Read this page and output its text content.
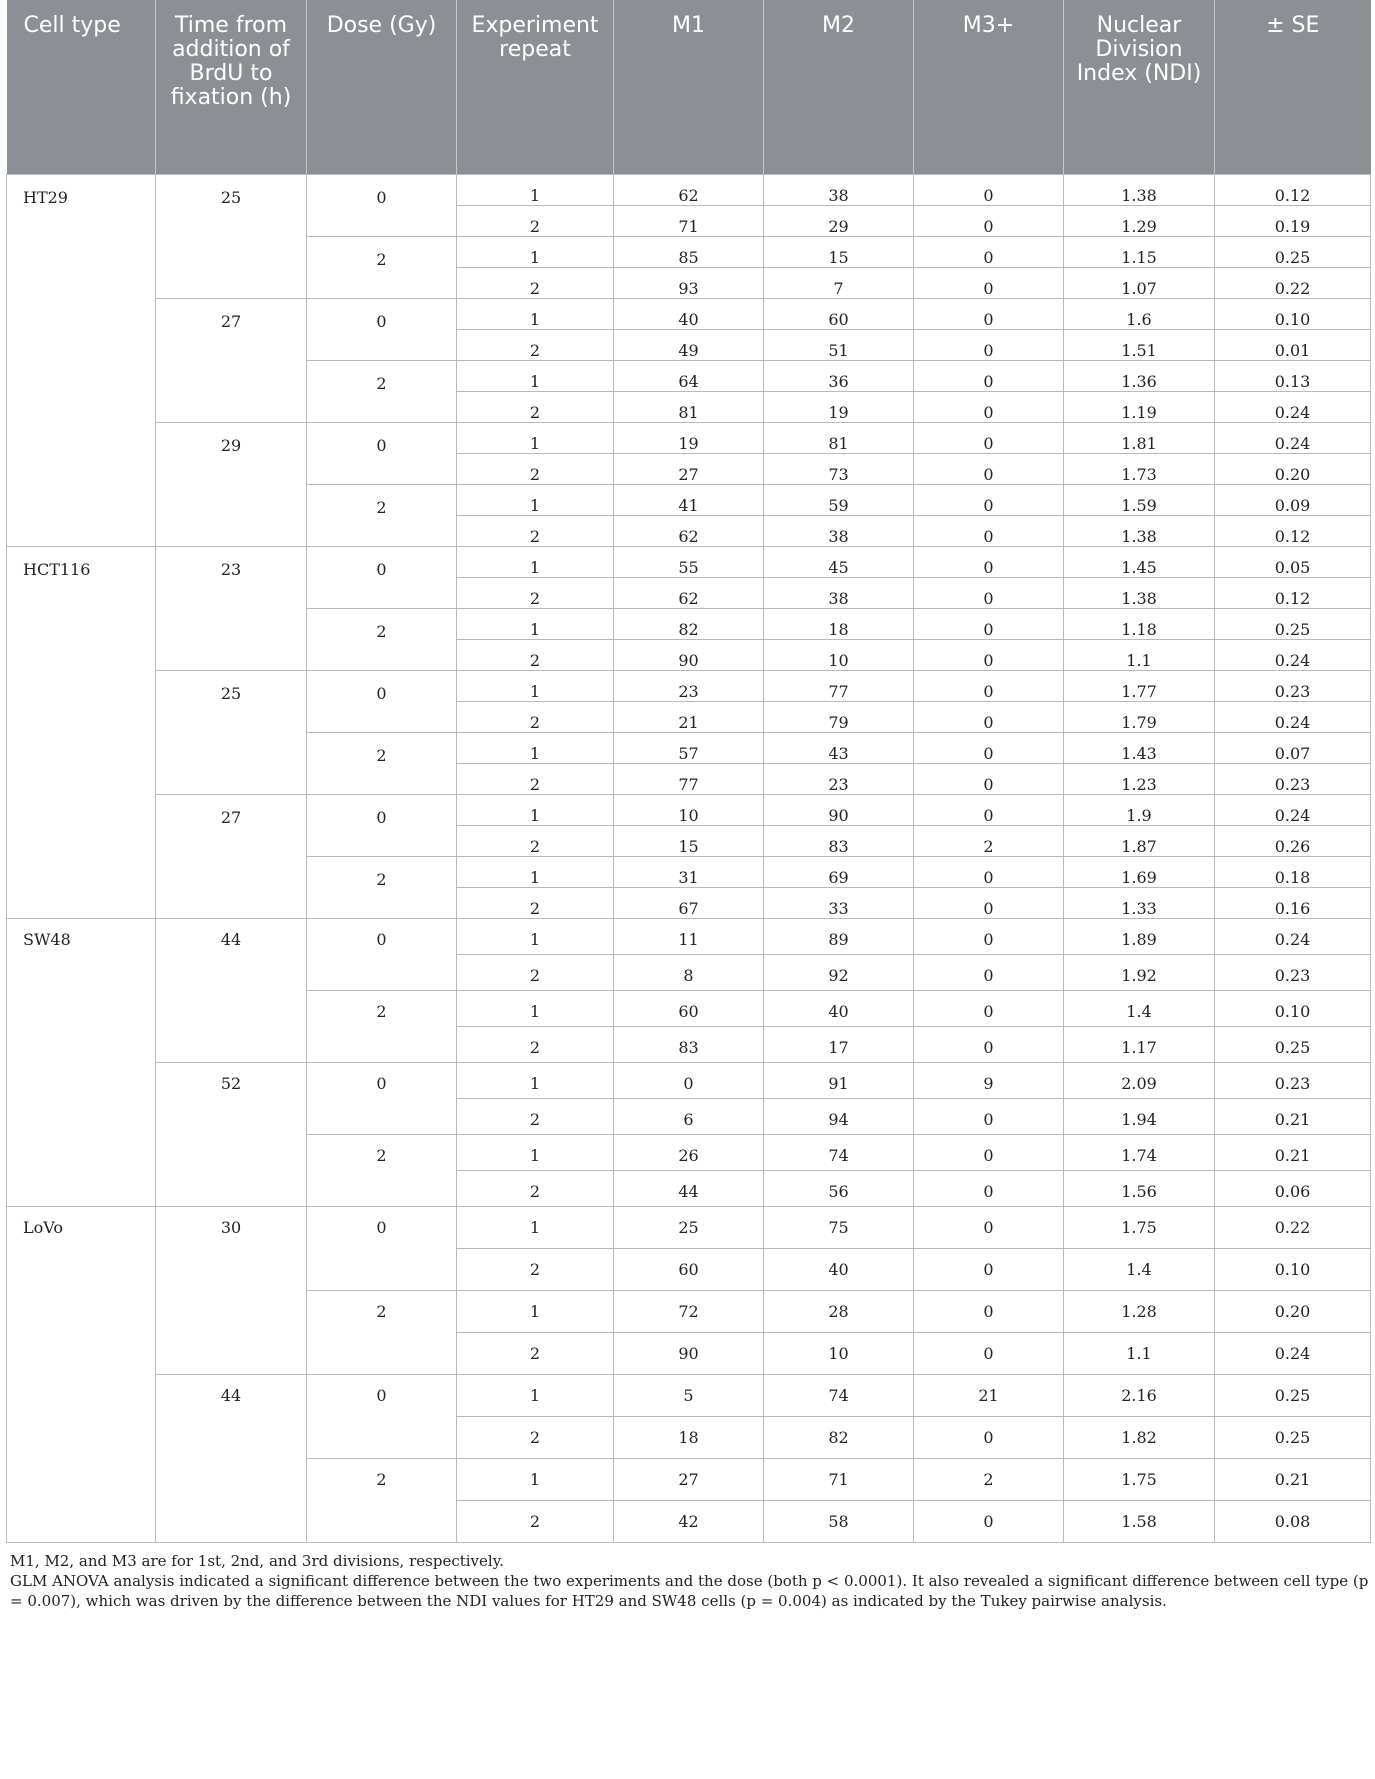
Cell type	Time from addition of BrdU to fixation (h)	Dose (Gy)	Experiment repeat	M1	M2	M3+	Nuclear Division Index (NDI)	± SE
HT29	25	0	1	62	38	0	1.38	0.12
			2	71	29	0	1.29	0.19
		2	1	85	15	0	1.15	0.25
			2	93	7	0	1.07	0.22
	27	0	1	40	60	0	1.6	0.10
			2	49	51	0	1.51	0.01
		2	1	64	36	0	1.36	0.13
			2	81	19	0	1.19	0.24
	29	0	1	19	81	0	1.81	0.24
			2	27	73	0	1.73	0.20
		2	1	41	59	0	1.59	0.09
			2	62	38	0	1.38	0.12
HCT116	23	0	1	55	45	0	1.45	0.05
			2	62	38	0	1.38	0.12
		2	1	82	18	0	1.18	0.25
			2	90	10	0	1.1	0.24
	25	0	1	23	77	0	1.77	0.23
			2	21	79	0	1.79	0.24
		2	1	57	43	0	1.43	0.07
			2	77	23	0	1.23	0.23
	27	0	1	10	90	0	1.9	0.24
			2	15	83	2	1.87	0.26
		2	1	31	69	0	1.69	0.18
			2	67	33	0	1.33	0.16
SW48	44	0	1	11	89	0	1.89	0.24
			2	8	92	0	1.92	0.23
		2	1	60	40	0	1.4	0.10
			2	83	17	0	1.17	0.25
	52	0	1	0	91	9	2.09	0.23
			2	6	94	0	1.94	0.21
		2	1	26	74	0	1.74	0.21
			2	44	56	0	1.56	0.06
LoVo	30	0	1	25	75	0	1.75	0.22
			2	60	40	0	1.4	0.10
		2	1	72	28	0	1.28	0.20
			2	90	10	0	1.1	0.24
	44	0	1	5	74	21	2.16	0.25
			2	18	82	0	1.82	0.25
		2	1	27	71	2	1.75	0.21
			2	42	58	0	1.58	0.08

M1, M2, and M3 are for 1st, 2nd, and 3rd divisions, respectively.

GLM ANOVA analysis indicated a significant difference between the two experiments and the dose (both p < 0.0001). It also revealed a significant difference between cell type (p = 0.007), which was driven by the difference between the NDI values for HT29 and SW48 cells (p = 0.004) as indicated by the Tukey pairwise analysis.
